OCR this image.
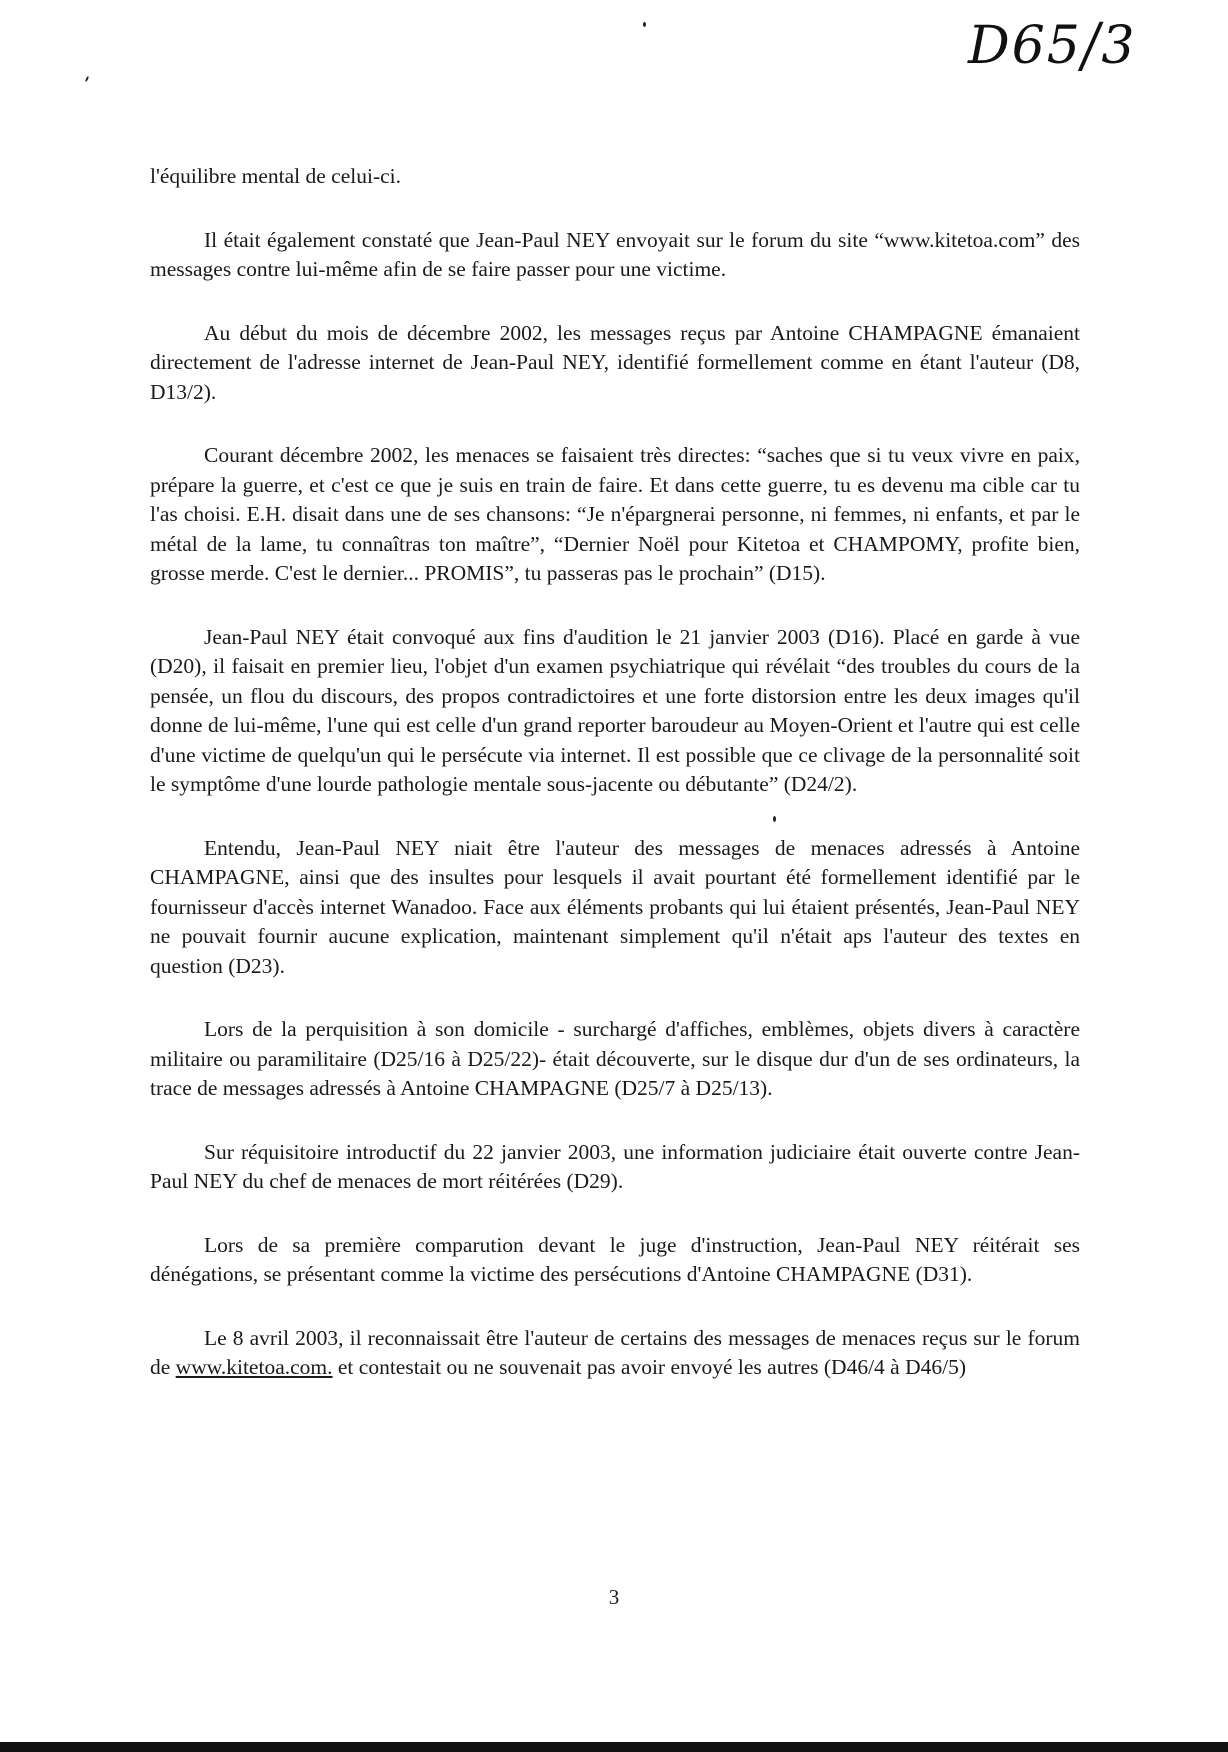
D65/3

l'équilibre mental de celui-ci.

Il était également constaté que Jean-Paul NEY envoyait sur le forum du site “www.kitetoa.com” des messages contre lui-même afin de se faire passer pour une victime.

Au début du mois de décembre 2002, les messages reçus par Antoine CHAMPAGNE émanaient directement de l'adresse internet de Jean-Paul NEY, identifié formellement comme en étant l'auteur (D8, D13/2).

Courant décembre 2002, les menaces se faisaient très directes: “saches que si tu veux vivre en paix, prépare la guerre, et c'est ce que je suis en train de faire. Et dans cette guerre, tu es devenu ma cible car tu l'as choisi. E.H. disait dans une de ses chansons: “Je n'épargnerai personne, ni femmes, ni enfants, et par le métal de la lame, tu connaîtras ton maître”, “Dernier Noël pour Kitetoa et CHAMPOMY, profite bien, grosse merde. C'est le dernier... PROMIS”, tu passeras pas le prochain” (D15).

Jean-Paul NEY était convoqué aux fins d'audition le 21 janvier 2003 (D16). Placé en garde à vue (D20), il faisait en premier lieu, l'objet d'un examen psychiatrique qui révélait “des troubles du cours de la pensée, un flou du discours, des propos contradictoires et une forte distorsion entre les deux images qu'il donne de lui-même, l'une qui est celle d'un grand reporter baroudeur au Moyen-Orient et l'autre qui est celle d'une victime de quelqu'un qui le persécute via internet. Il est possible que ce clivage de la personnalité soit le symptôme d'une lourde pathologie mentale sous-jacente ou débutante” (D24/2).

Entendu, Jean-Paul NEY niait être l'auteur des messages de menaces adressés à Antoine CHAMPAGNE, ainsi que des insultes pour lesquels il avait pourtant été formellement identifié par le fournisseur d'accès internet Wanadoo. Face aux éléments probants qui lui étaient présentés, Jean-Paul NEY ne pouvait fournir aucune explication, maintenant simplement qu'il n'était aps l'auteur des textes en question (D23).

Lors de la perquisition à son domicile - surchargé d'affiches, emblèmes, objets divers à caractère militaire ou paramilitaire (D25/16 à D25/22)- était découverte, sur le disque dur d'un de ses ordinateurs, la trace de messages adressés à Antoine CHAMPAGNE (D25/7 à D25/13).

Sur réquisitoire introductif du 22 janvier 2003, une information judiciaire était ouverte contre Jean-Paul NEY du chef de menaces de mort réitérées (D29).

Lors de sa première comparution devant le juge d'instruction, Jean-Paul NEY réitérait ses dénégations, se présentant comme la victime des persécutions d'Antoine CHAMPAGNE (D31).

Le 8 avril 2003, il reconnaissait être l'auteur de certains des messages de menaces reçus sur le forum de www.kitetoa.com. et contestait ou ne souvenait pas avoir envoyé les autres (D46/4 à D46/5)

3
